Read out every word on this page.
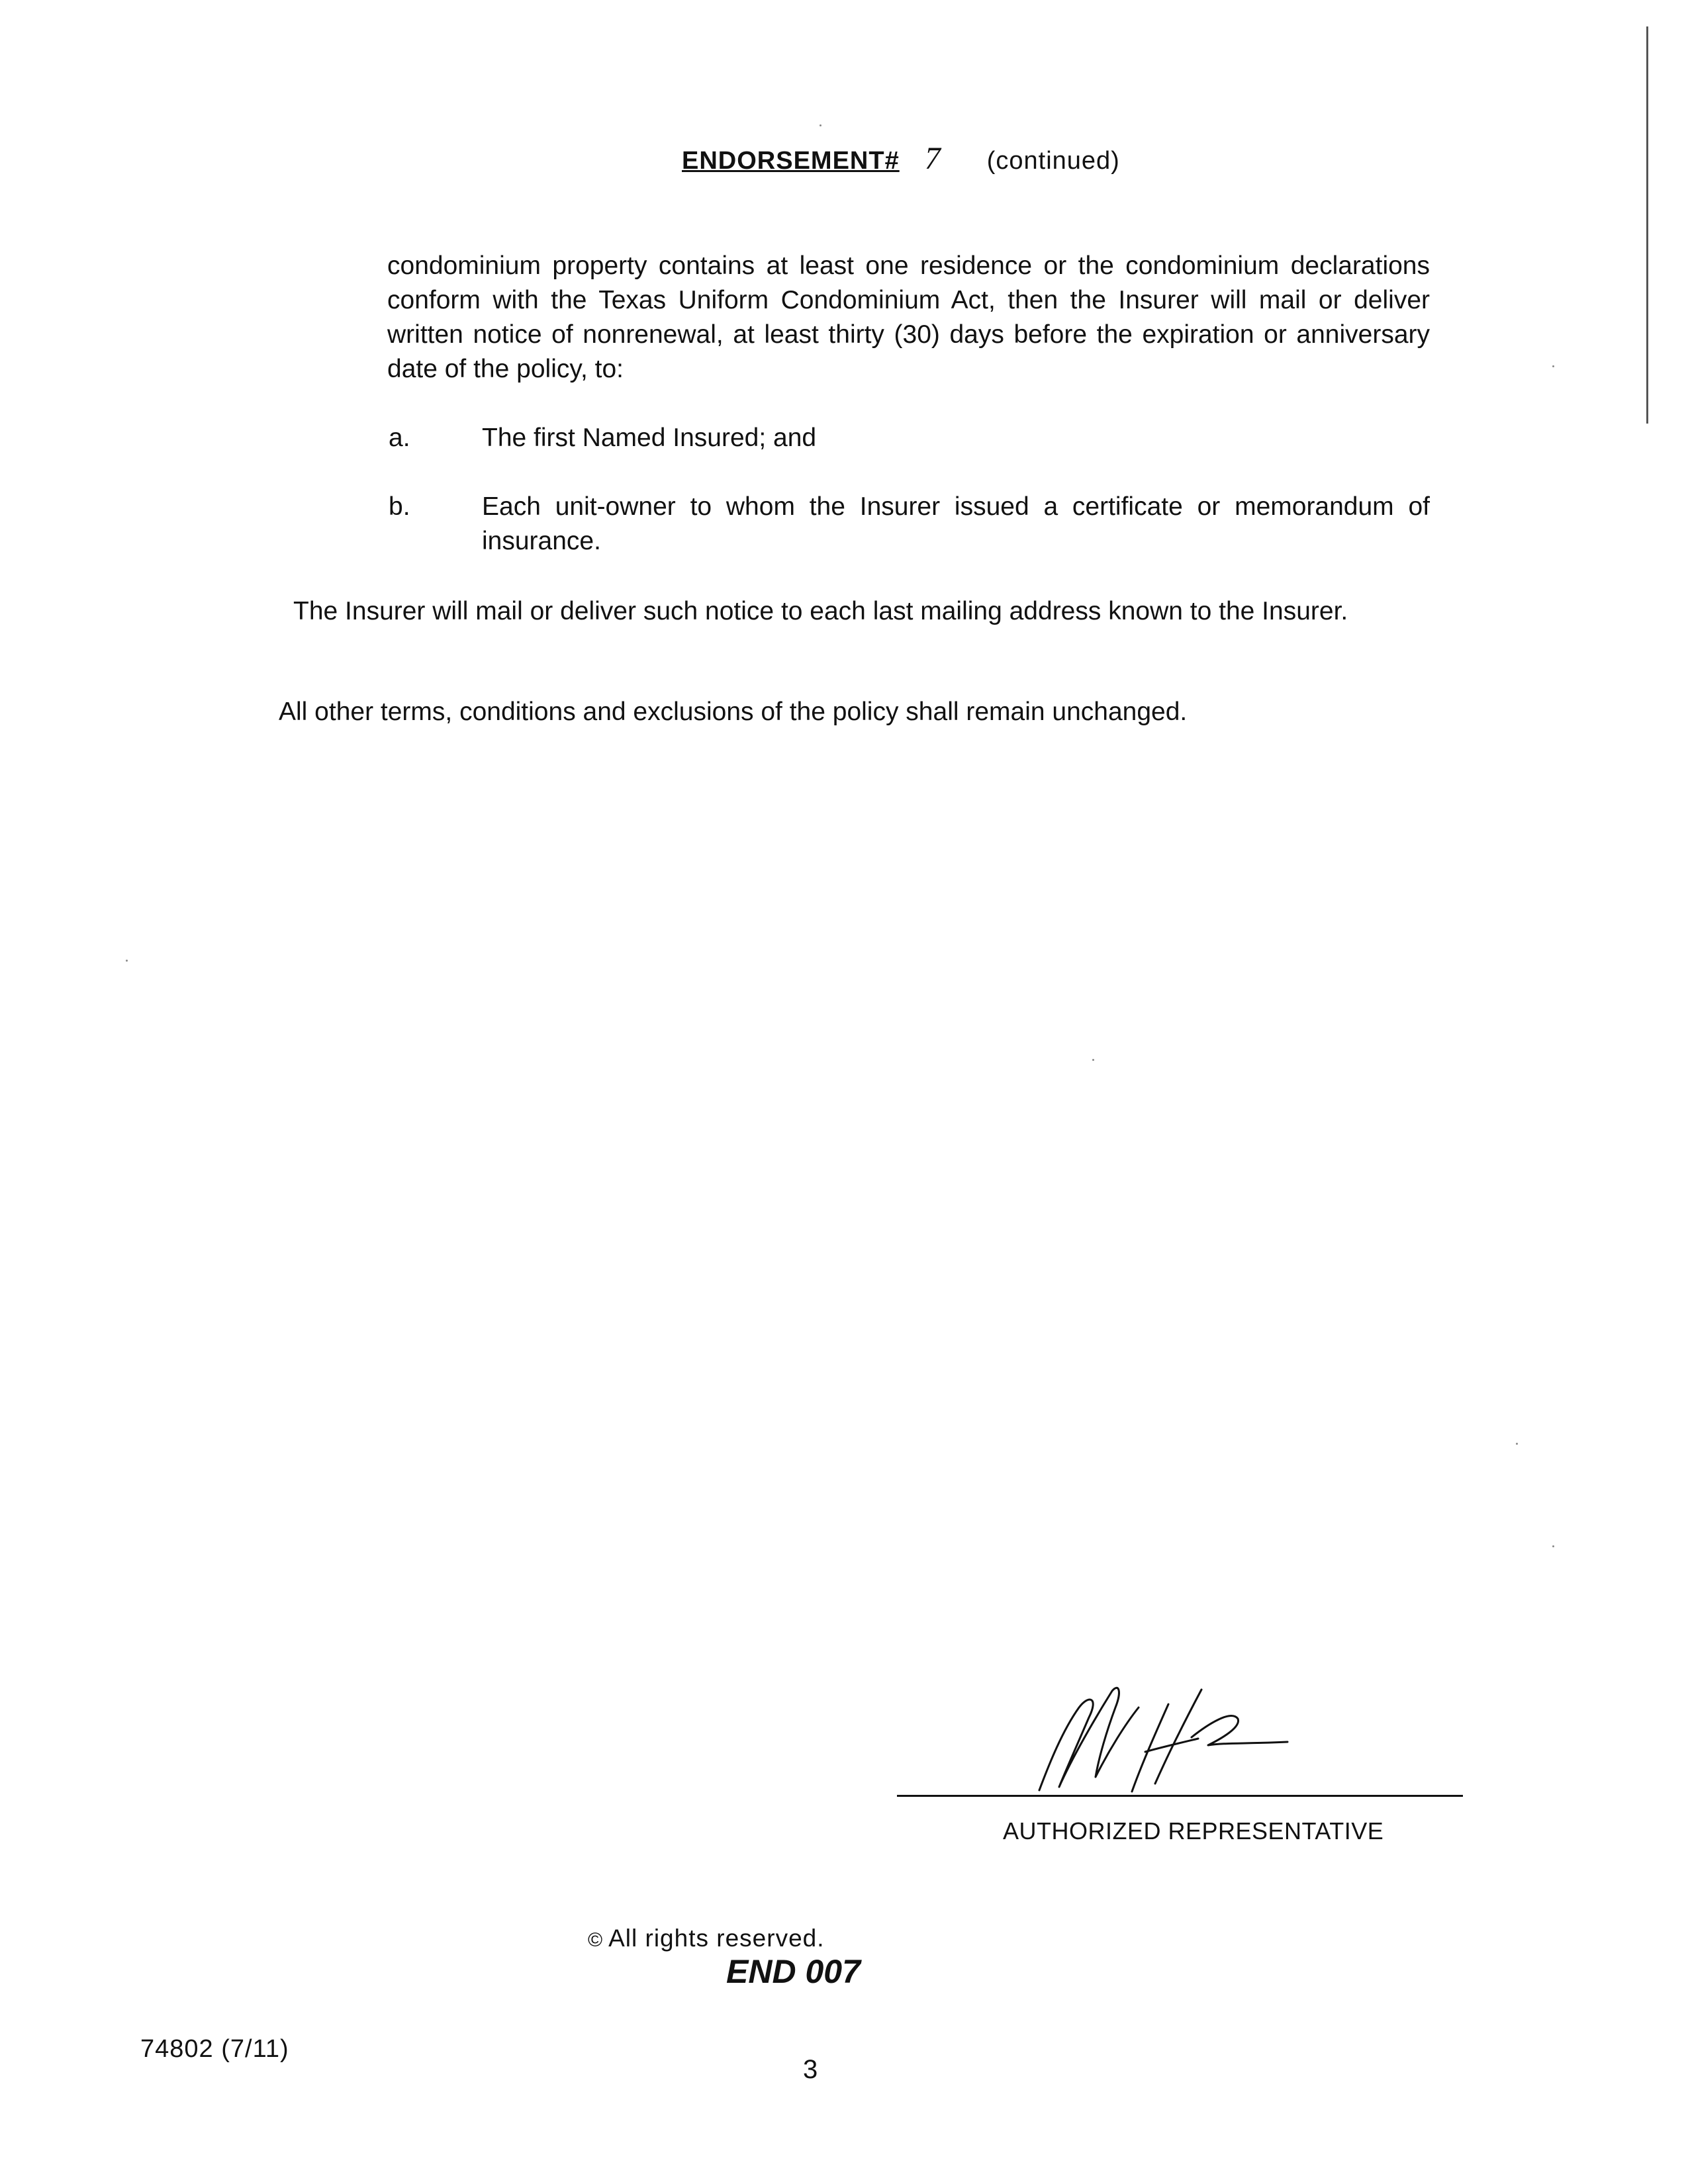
ENDORSEMENT# 7 (continued)

condominium property contains at least one residence or the condominium declarations conform with the Texas Uniform Condominium Act, then the Insurer will mail or deliver written notice of nonrenewal, at least thirty (30) days before the expiration or anniversary date of the policy, to:

a.	The first Named Insured; and

b.	Each unit-owner to whom the Insurer issued a certificate or memorandum of insurance.

The Insurer will mail or deliver such notice to each last mailing address known to the Insurer.

All other terms, conditions and exclusions of the policy shall remain unchanged.

AUTHORIZED REPRESENTATIVE
© All rights reserved.
END 007
74802 (7/11)
3
